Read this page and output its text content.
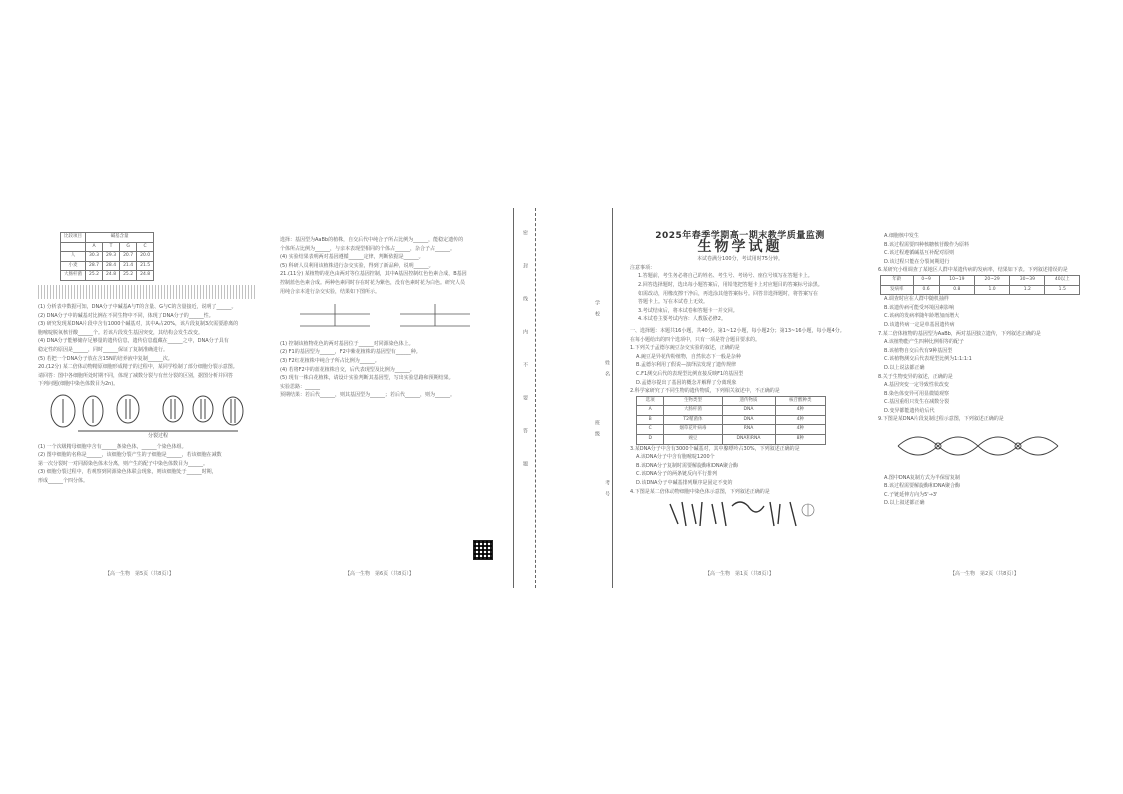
比较项目	碱基含量			
	A	T	G	C
人	30.3	29.3	20.7	20.0
小麦	28.7	28.4	21.4	21.5
大肠杆菌	25.2	24.8	25.2	24.8

(1) 分析表中数据可知，DNA分子中碱基A与T的含量、G与C的含量接近，说明了______。

(2) DNA分子中的碱基对比例在不同生物中不同，体现了DNA分子的______性。

(3) 研究发现某DNA片段中含有1000个碱基对，其中A占20%，该片段复制3次需要游离的

胞嘧啶脱氧核苷酸______个。若该片段发生基因突变，其结构会发生改变。

(4) DNA分子能够储存足够量的遗传信息，遗传信息蕴藏在______之中，DNA分子具有

稳定性的原因是______，同时______保证了复制准确进行。

(5) 若把一个DNA分子放在含15N的培养液中复制______次。

20.(12分) 某二倍体动物精原细胞形成精子的过程中，某同学绘制了部分细胞分裂示意图。

请回答：图中各细胞所处时期不同，体现了减数分裂与有丝分裂的区别，据图分析并回答

下列问题(细胞中染色体数目为2n)。

分裂过程

(1) 一个次级精母细胞中含有______条染色体，______个染色体组。

(2) 图中细胞的名称是______，该细胞分裂产生的子细胞是______，若该细胞在减数

第一次分裂时一对同源染色体未分离，则产生的配子中染色体数目为______。

(3) 细胞分裂过程中，若观察到同源染色体联会现象，则该细胞处于______时期，

形成______个四分体。

【高一生物　第5页（共8页）】

选择：基因型为AaBb的植株，自交后代中纯合子所占比例为______，能稳定遗传的

个体所占比例为______，与亲本表现型相同的个体占______，杂合子占______。

(4) 实验结果表明两对基因遵循______定律，判断依据是______。

(5) 科研人员利用该植株进行杂交实验，得到了新品种，说明______。

21.(11分) 某植物的花色由两对等位基因控制，其中A基因控制红色色素合成，B基因

控制蓝色色素合成。两种色素同时存在时花为紫色，没有色素时花为白色。研究人员

用纯合亲本进行杂交实验，结果如下图所示。

(1) 控制该植物花色的两对基因位于______对同源染色体上。

(2) F1的基因型为______，F2中紫花植株的基因型有______种。

(3) F2红花植株中纯合子所占比例为______。

(4) 若将F2中的蓝花植株自交，后代表现型及比例为______。

(5) 现有一株白花植株，请设计实验判断其基因型，写出实验思路和预期结果。

实验思路：______

预期结果：若后代______，则其基因型为______；若后代______，则为______。

【高一生物　第6页（共8页）】
密　　封　　线　　内　　不　　要　　答　　题	学校
姓名
班级
考号
2025年春季学期高一期末教学质量监测
生物学试题

本试卷满分100分，考试用时75分钟。

注意事项：

1.答题前，考生务必将自己的姓名、考生号、考场号、座位号填写在答题卡上。

2.回答选择题时，选出每小题答案后，用铅笔把答题卡上对应题目的答案标号涂黑。

如需改动，用橡皮擦干净后，再选涂其他答案标号。回答非选择题时，将答案写在

答题卡上。写在本试卷上无效。

3.考试结束后，将本试卷和答题卡一并交回。

4.本试卷主要考试内容：人教版必修2。

一、选择题：本题共16小题，共40分。第1~12小题，每小题2分；第13~16小题，每小题4分。

在每小题给出的四个选项中，只有一项是符合题目要求的。

1.下列关于孟德尔豌豆杂交实验的叙述，正确的是

A.豌豆是异花传粉植物，自然状态下一般是杂种

B.孟德尔利用了假说—演绎法发现了遗传规律

C.F1测交后代的表现型比例直接反映F1的基因型

D.孟德尔提出了基因的概念并解释了分离现象

2.科学家研究了不同生物的遗传物质，下列相关叙述中，不正确的是

选项	生物类型	遗传物质	核苷酸种类
A	大肠杆菌	DNA	4种
B	T2噬菌体	DNA	4种
C	烟草花叶病毒	RNA	4种
D	豌豆	DNA和RNA	8种

3.某DNA分子中含有3000个碱基对，其中腺嘌呤占30%，下列叙述正确的是

A.该DNA分子中含有胞嘧啶1200个

B.该DNA分子复制时需要解旋酶和DNA聚合酶

C.该DNA分子的两条链反向平行排列

D.该DNA分子中碱基排列顺序是固定不变的

4.下图是某二倍体动物细胞中染色体示意图，下列叙述正确的是

【高一生物　第1页（共8页）】

A.细胞核中发生

B.该过程需要四种核糖核苷酸作为原料

C.该过程遵循碱基互补配对原则

D.该过程只能在分裂间期进行

6.某研究小组调查了某地区人群中某遗传病的发病率，结果如下表。下列叙述错误的是

年龄	0~9	10~19	20~29	30~39	40以上
发病率	0.6	0.8	1.0	1.2	1.5

A.调查时应在人群中随机抽样

B.该遗传病可能受环境因素影响

C.该病的发病率随年龄增加而增大

D.该遗传病一定是单基因遗传病

7.某二倍体植物的基因型为AaBb，两对基因独立遗传，下列叙述正确的是

A.该植物能产生四种比例相等的配子

B.该植物自交后代有9种基因型

C.该植物测交后代表现型比例为1:1:1:1

D.以上说法都正确

8.关于生物变异的叙述，正确的是

A.基因突变一定导致性状改变

B.染色体变异可用显微镜观察

C.基因重组只发生在减数分裂

D.变异都能遗传给后代

9.下图是某DNA片段复制过程示意图，下列叙述正确的是

A.图中DNA复制方式为半保留复制

B.该过程需要解旋酶和DNA聚合酶

C.子链延伸方向为5'→3'

D.以上叙述都正确

【高一生物　第2页（共8页）】
